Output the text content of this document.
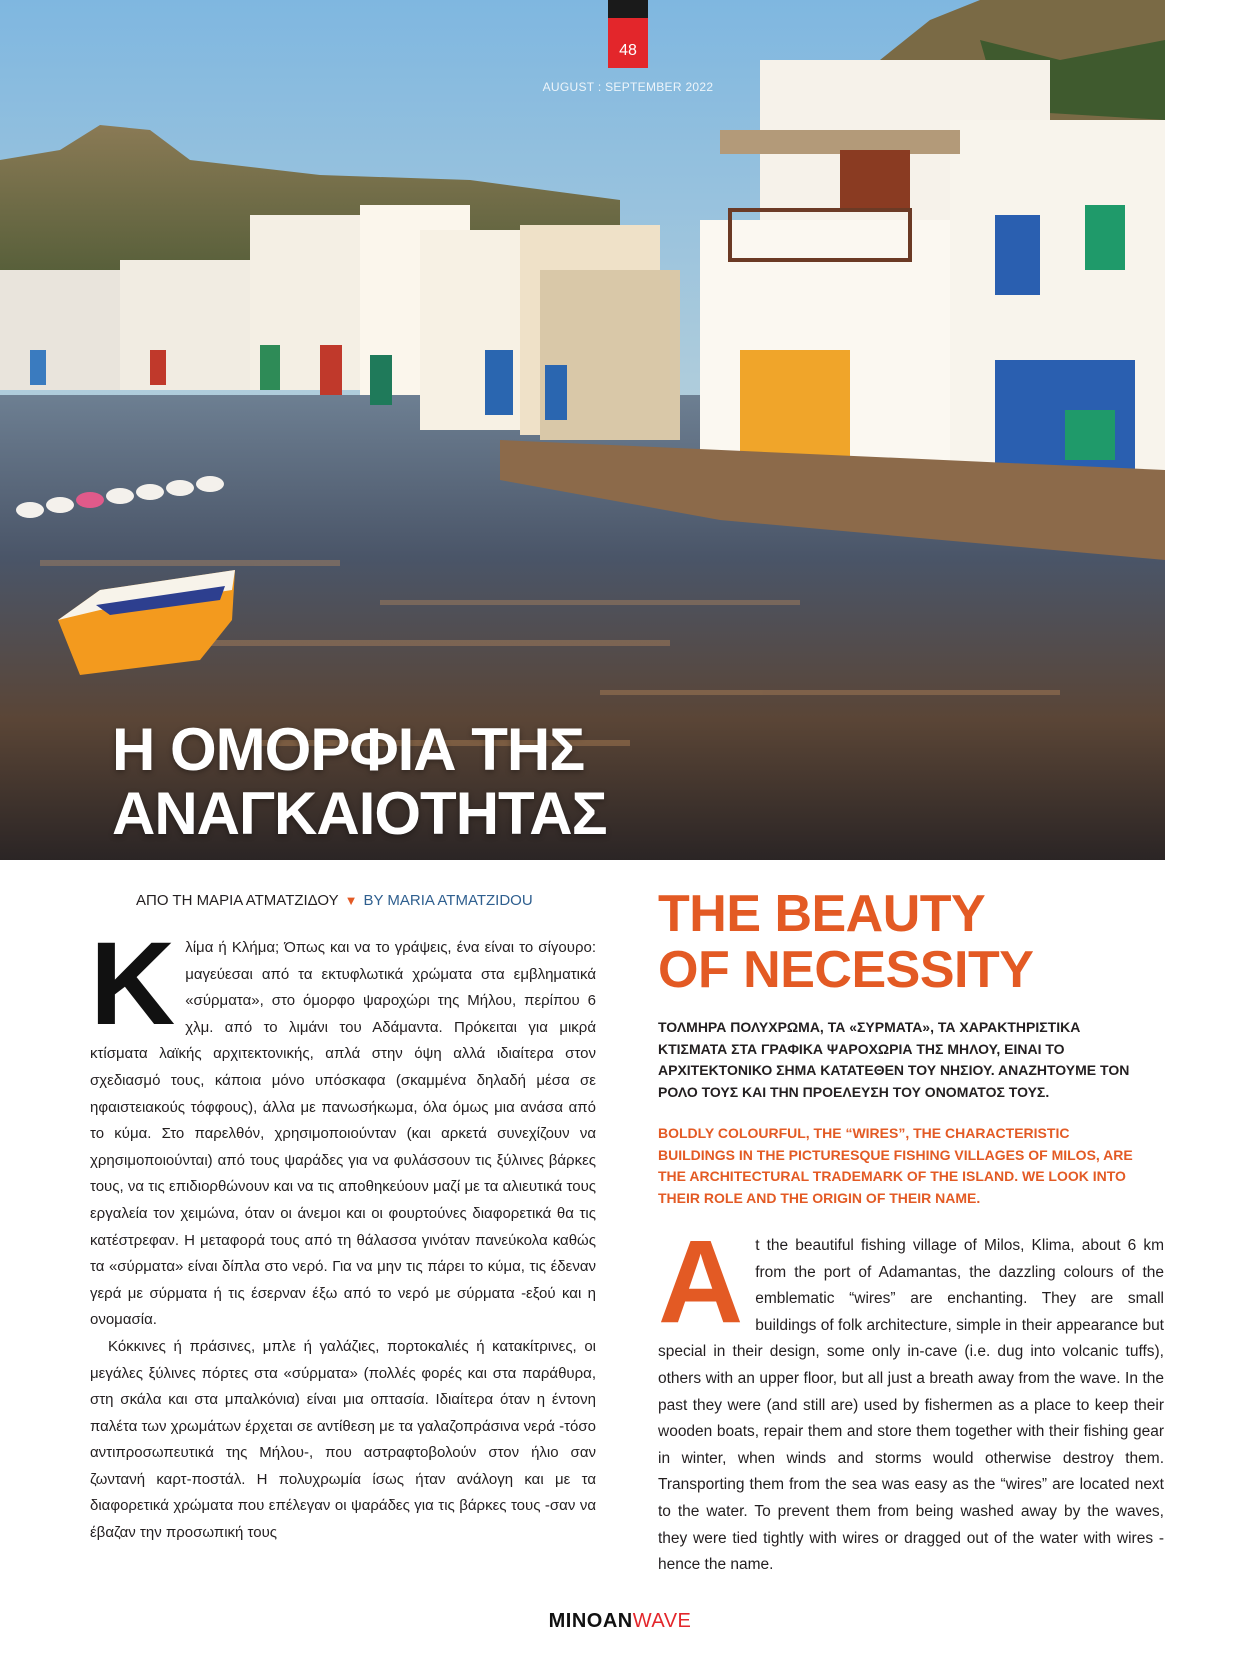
48
AUGUST : SEPTEMBER 2022
Η ΟΜΟΡΦΙΑ ΤΗΣ
ΑΝΑΓΚΑΙΟΤΗΤΑΣ
ΑΠΟ ΤΗ ΜΑΡΙΑ ΑΤΜΑΤΖΙΔΟΥ ▼ BY MARIA ATMATZIDOU

Κλίμα ή Κλήμα; Όπως και να το γράψεις, ένα είναι το σίγουρο: μαγεύεσαι από τα εκτυφλωτικά χρώματα στα εμβληματικά «σύρματα», στο όμορφο ψαροχώρι της Μήλου, περίπου 6 χλμ. από το λιμάνι του Αδάμαντα. Πρόκειται για μικρά κτίσματα λαϊκής αρχιτεκτονικής, απλά στην όψη αλλά ιδιαίτερα στον σχεδιασμό τους, κάποια μόνο υπόσκαφα (σκαμμένα δηλαδή μέσα σε ηφαιστειακούς τόφφους), άλλα με πανωσήκωμα, όλα όμως μια ανάσα από το κύμα. Στο παρελθόν, χρησιμοποιούνταν (και αρκετά συνεχίζουν να χρησιμοποιούνται) από τους ψαράδες για να φυλάσσουν τις ξύλινες βάρκες τους, να τις επιδιορθώνουν και να τις αποθηκεύουν μαζί με τα αλιευτικά τους εργαλεία τον χειμώνα, όταν οι άνεμοι και οι φουρτούνες διαφορετικά θα τις κατέστρεφαν. Η μεταφορά τους από τη θάλασσα γινόταν πανεύκολα καθώς τα «σύρματα» είναι δίπλα στο νερό. Για να μην τις πάρει το κύμα, τις έδεναν γερά με σύρματα ή τις έσερναν έξω από το νερό με σύρματα -εξού και η ονομασία.

Κόκκινες ή πράσινες, μπλε ή γαλάζιες, πορτοκαλιές ή κατακίτρινες, οι μεγάλες ξύλινες πόρτες στα «σύρματα» (πολλές φορές και στα παράθυρα, στη σκάλα και στα μπαλκόνια) είναι μια οπτασία. Ιδιαίτερα όταν η έντονη παλέτα των χρωμάτων έρχεται σε αντίθεση με τα γαλαζοπράσινα νερά -τόσο αντιπροσωπευτικά της Μήλου-, που αστραφτοβολούν στον ήλιο σαν ζωντανή καρτ-ποστάλ. Η πολυχρωμία ίσως ήταν ανάλογη και με τα διαφορετικά χρώματα που επέλεγαν οι ψαράδες για τις βάρκες τους -σαν να έβαζαν την προσωπική τους

THE BEAUTY
OF NECESSITY

ΤΟΛΜΗΡΑ ΠΟΛΥΧΡΩΜΑ, ΤΑ «ΣΥΡΜΑΤΑ», ΤΑ ΧΑΡΑΚΤΗΡΙΣΤΙΚΑ ΚΤΙΣΜΑΤΑ ΣΤΑ ΓΡΑΦΙΚΑ ΨΑΡΟΧΩΡΙΑ ΤΗΣ ΜΗΛΟΥ, ΕΙΝΑΙ ΤΟ ΑΡΧΙΤΕΚΤΟΝΙΚΟ ΣΗΜΑ ΚΑΤΑΤΕΘΕΝ ΤΟΥ ΝΗΣΙΟΥ. ΑΝΑΖΗΤΟΥΜΕ ΤΟΝ ΡΟΛΟ ΤΟΥΣ ΚΑΙ ΤΗΝ ΠΡΟΕΛΕΥΣΗ ΤΟΥ ΟΝΟΜΑΤΟΣ ΤΟΥΣ.

BOLDLY COLOURFUL, THE “WIRES”, THE CHARACTERISTIC BUILDINGS IN THE PICTURESQUE FISHING VILLAGES OF MILOS, ARE THE ARCHITECTURAL TRADEMARK OF THE ISLAND. WE LOOK INTO THEIR ROLE AND THE ORIGIN OF THEIR NAME.

At the beautiful fishing village of Milos, Klima, about 6 km from the port of Adamantas, the dazzling colours of the emblematic “wires” are enchanting. They are small buildings of folk architecture, simple in their appearance but special in their design, some only in-cave (i.e. dug into volcanic tuffs), others with an upper floor, but all just a breath away from the wave. In the past they were (and still are) used by fishermen as a place to keep their wooden boats, repair them and store them together with their fishing gear in winter, when winds and storms would otherwise destroy them. Transporting them from the sea was easy as the “wires” are located next to the water. To prevent them from being washed away by the waves, they were tied tightly with wires or dragged out of the water with wires -hence the name.

MINOANWAVE
